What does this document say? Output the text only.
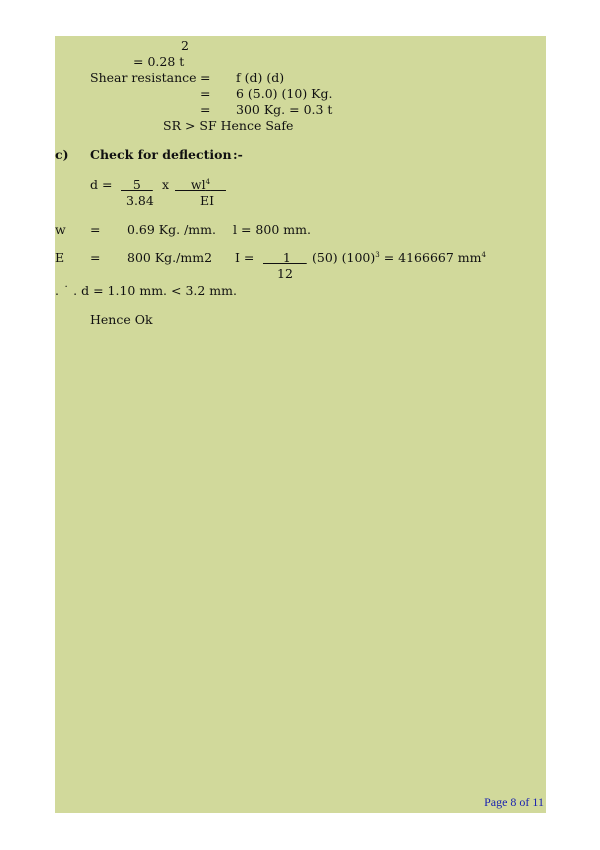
2
= 0.28 t
Shear resistance = f (d) (d)
= 6 (5.0) (10) Kg.
= 300 Kg. = 0.3 t
SR > SF Hence Safe
c) Check for deflection :-
d = 5 x $wl^4$
3.84	EI
w = 0.69 Kg. /mm. l = 800 mm.
E = 800 Kg./mm2 I = 1 (50) $(100)^3 = 4166667$ $mm^4$
12
. ˙ . d = 1.10 mm. < 3.2 mm.
Hence Ok
Page 8 of 11
